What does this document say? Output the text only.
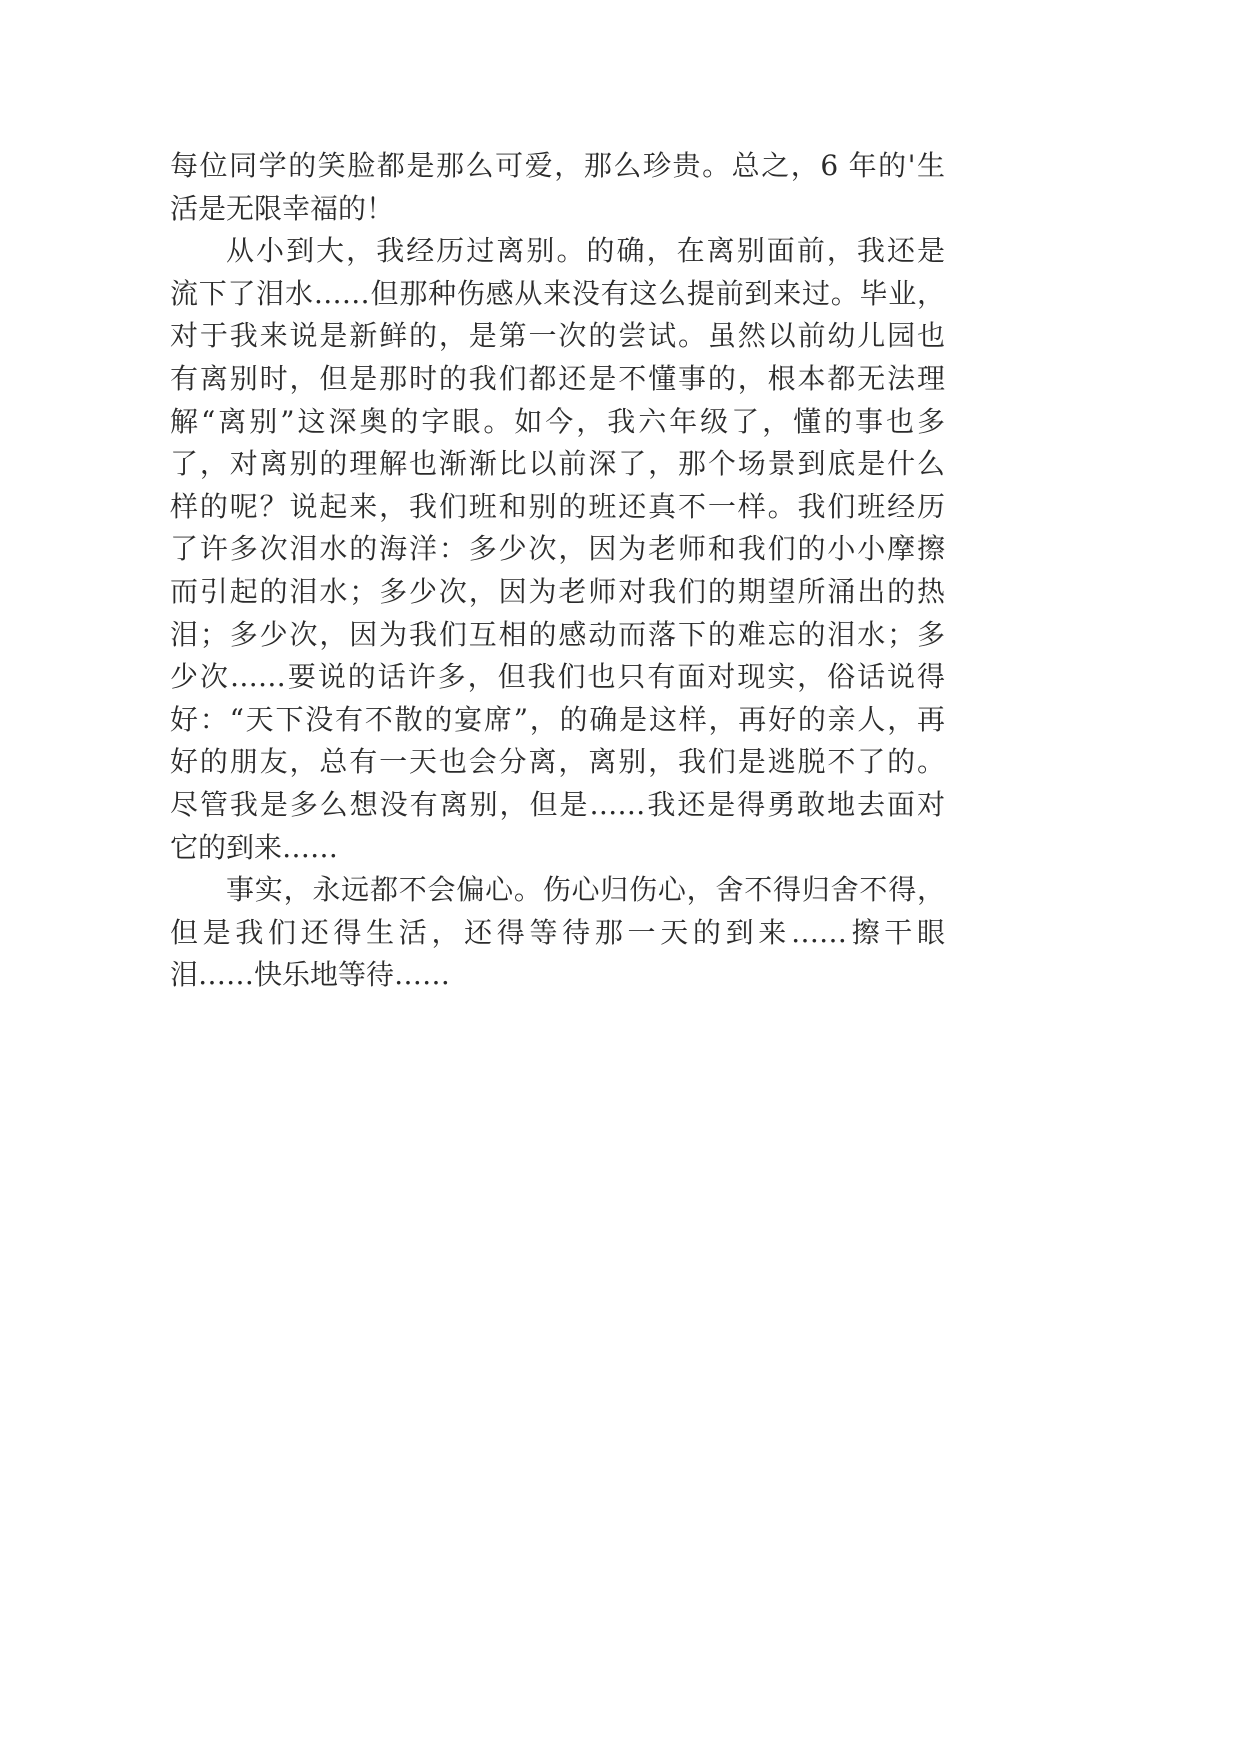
每位同学的笑脸都是那么可爱，那么珍贵。总之，6 年的'生
活是无限幸福的！

从小到大，我经历过离别。的确，在离别面前，我还是
流下了泪水……但那种伤感从来没有这么提前到来过。毕业，
对于我来说是新鲜的，是第一次的尝试。虽然以前幼儿园也
有离别时，但是那时的我们都还是不懂事的，根本都无法理
解“离别”这深奥的字眼。如今，我六年级了，懂的事也多
了，对离别的理解也渐渐比以前深了，那个场景到底是什么
样的呢？说起来，我们班和别的班还真不一样。我们班经历
了许多次泪水的海洋：多少次，因为老师和我们的小小摩擦
而引起的泪水；多少次，因为老师对我们的期望所涌出的热
泪；多少次，因为我们互相的感动而落下的难忘的泪水；多
少次……要说的话许多，但我们也只有面对现实，俗话说得
好：“天下没有不散的宴席”，的确是这样，再好的亲人，再
好的朋友，总有一天也会分离，离别，我们是逃脱不了的。
尽管我是多么想没有离别，但是……我还是得勇敢地去面对
它的到来……

事实，永远都不会偏心。伤心归伤心，舍不得归舍不得，
但是我们还得生活，还得等待那一天的到来……擦干眼
泪……快乐地等待……
